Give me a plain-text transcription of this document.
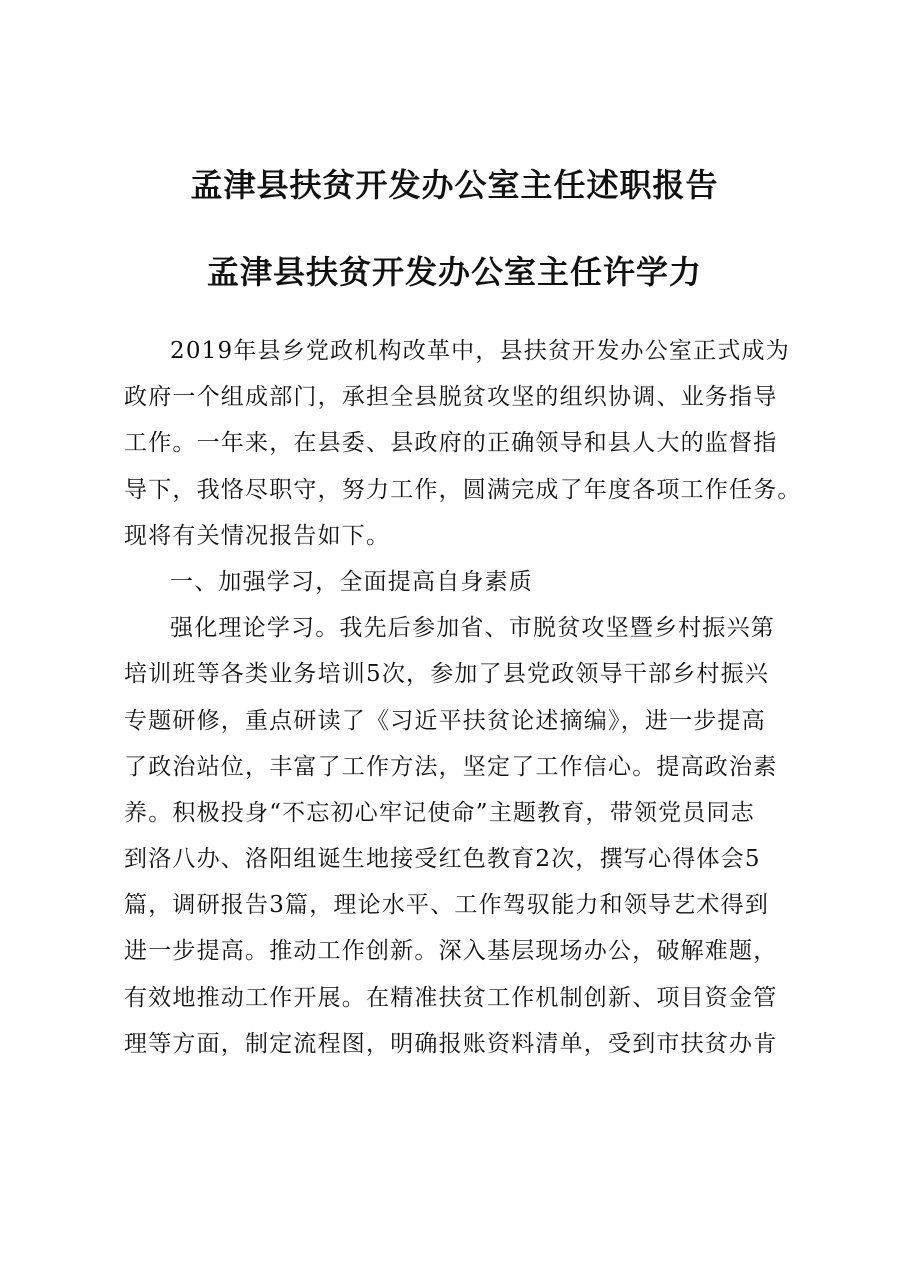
孟津县扶贫开发办公室主任述职报告
孟津县扶贫开发办公室主任许学力
2019年县乡党政机构改革中，县扶贫开发办公室正式成为
政府一个组成部门，承担全县脱贫攻坚的组织协调、业务指导
工作。一年来，在县委、县政府的正确领导和县人大的监督指
导下，我恪尽职守，努力工作，圆满完成了年度各项工作任务。
现将有关情况报告如下。
一、加强学习，全面提高自身素质
强化理论学习。我先后参加省、市脱贫攻坚暨乡村振兴第
培训班等各类业务培训5次，参加了县党政领导干部乡村振兴
专题研修，重点研读了《习近平扶贫论述摘编》，进一步提高
了政治站位，丰富了工作方法，坚定了工作信心。提高政治素
养。积极投身“不忘初心牢记使命”主题教育，带领党员同志
到洛八办、洛阳组诞生地接受红色教育2次，撰写心得体会5
篇，调研报告3篇，理论水平、工作驾驭能力和领导艺术得到
进一步提高。推动工作创新。深入基层现场办公，破解难题，
有效地推动工作开展。在精准扶贫工作机制创新、项目资金管
理等方面，制定流程图，明确报账资料清单，受到市扶贫办肯
